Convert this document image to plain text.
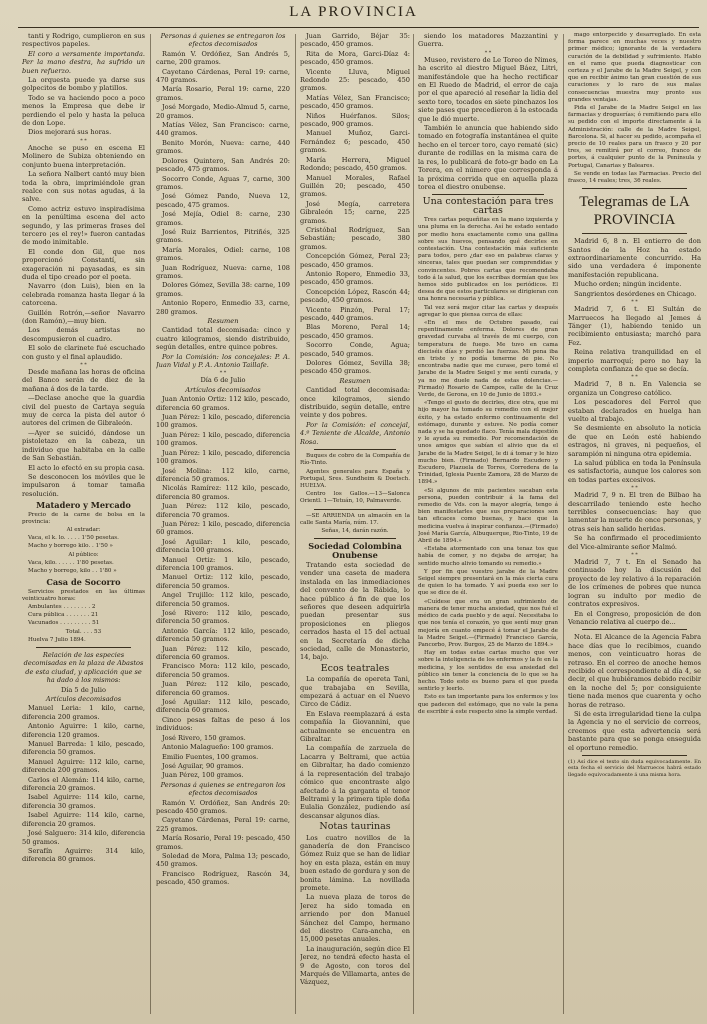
LA PROVINCIA

tanti y Rodrigo, cumplieron en sus respectivos papeles.

El coro a versamente importanda. Per la mano destra, ha sufrido un buen refuerzo.

La orquesta puede ya darse sus golpecitos de bombo y platillos.

Todo se va haciendo poco a poco menos la Empresa que debe ir perdiendo el pelo y hasta la peluca de don Lope.

Dios mejorará sus horas.

* *

Anoche se puso en escena El Molinero de Subiza obteniendo en conjunto buena interpretación.

La señora Nalbert cantó muy bien toda la obra, imprimiéndole gran realce con sus notas agudas, á la salve.

Como actriz estuvo inspiradísima en la penúltima escena del acto segundo, y las primeras frases del tercero ¡es el rey!» fueron cantadas de modo inimitable.

El conde don Gil, que nos proporcionó Constantí, sin exageración ni payasadas, es sin duda el tipo creado por el poeta.

Navarro (don Luis), bien en la celebrada romanza hasta llegar á la catorcena.

Guillén Rotrón,—señor Navarro (don Ramón),—muy bien.

Los demás artistas no descompusieron el cuadro.

El solo de clarinete fué escuchado con gusto y el final aplaudido.

* *

Desde mañana las horas de oficina del Banco serán de diez de la mañana á dos de la tarde.

—Declase anoche que la guardia civil del puesto de Cartaya seguía muy de cerca la pista del autor ó autores del crimen de Gibraleón.

—Ayer se suicidó, dándose un pistoletazo en la cabeza, un individuo que habitaba en la calle de San Sebastián.

El acto lo efectó en su propia casa.

Se desconocen los móviles que le impulsaron á tomar tamaña resolución.

Matadero y Mercado

Precio de la carne de bolsa en la provincia:

Al extradar:

Vaca, el k. lo. . . . . 1'50 pesetas.

Macho y borrego kilo. . 1'50 »

Al público:

Vaca, kilo. . . . . . 1'80 pesetas.

Macho y borrego, kilo . . 1'80 »

Casa de Socorro

Servicios prestados en las últimas veinticuatro horas:

Ambulantes . . . . . . . . 2

Cura pública . . . . . . . 21

Vacunados . . . . . . . . . 51

Total. . . . 53

Huelva 7 Julio 1894.

Relación de las especies decomisadas en la plaza de Abastos de esta ciudad, y aplicación que se ha dado á los mismos:

Día 5 de Julio

Artículos decomisados

Manuel Leria: 1 kilo, carne, diferencia 200 gramos.

Antonio Aguirre: 1 kilo, carne, diferencia 120 gramos.

Manuel Barreda: 1 kilo, pescado, diferencia 50 gramos.

Manuel Aguirre: 112 kilo, carne, diferencia 200 gramos.

Carlos el Alemán: 114 kilo, carne, diferencia 20 gramos.

Isabel Aguirre: 114 kilo, carne, diferencia 30 gramos.

Isabel Aguirre: 114 kilo, carne, diferencia 20 gramos.

José Salguero: 314 kilo, diferencia 50 gramos.

Serafín Aguirre: 314 kilo, diferencia 80 gramos.

Personas á quienes se entregaron los efectos decomisados

Ramón V. Ordóñez, San Andrés 5, carne, 200 gramos.

Cayetano Cárdenas, Peral 19: carne, 470 gramos.

María Rosario, Peral 19: carne, 220 gramos.

José Morgado, Medio-Almud 5, carne, 20 gramos.

Matías Vélez, San Francisco: carne, 440 gramos.

Benito Morón, Nueva: carne, 440 gramos.

Dolores Quintero, San Andrés 20: pescado, 475 gramos.

Socorro Conde, Aguas 7, carne, 300 gramos.

José Gómez Pando, Nueva 12, pescado, 475 gramos.

José Mejía, Odiel 8: carne, 230 gramos.

José Ruiz Barrientos, Pitriñés, 325 gramos.

María Morales, Odiel: carne, 108 gramos.

Juan Rodríguez, Nueva: carne, 108 gramos.

Dolores Gómez, Sevilla 38: carne, 109 gramos.

Antonio Ropero, Enmedio 33, carne, 280 gramos.

Resumen

Cantidad total decomisada: cinco y cuatro kilogramos, siendo distribuido, según detalles, entre quince pobres.

Por la Comisión: los concejales: P. A. Juan Vidal y P. A. Antonio Taillafe.

* *

Día 6 de Julio

Artículos decomisados

Juan Antonio Ortiz: 112 kilo, pescado, diferencia 60 gramos.

Juan Pérez: 1 kilo, pescado, diferencia 100 gramos.

Juan Pérez: 1 kilo, pescado, diferencia 100 gramos.

Juan Pérez: 1 kilo, pescado, diferencia 100 gramos.

José Molina: 112 kilo, carne, diferencia 50 gramos.

Nicolás Ramírez: 112 kilo, pescado, diferencia 80 gramos.

Juan Pérez: 112 kilo, pescado, diferencia 70 gramos.

Juan Pérez: 1 kilo, pescado, diferencia 60 gramos.

José Aguilar: 1 kilo, pescado, diferencia 100 gramos.

Manuel Ortiz: 1 kilo, pescado, diferencia 100 gramos.

Manuel Ortiz: 112 kilo, pescado, diferencia 50 gramos.

Angel Trujillo: 112 kilo, pescado, diferencia 50 gramos.

José Rivero: 112 kilo, pescado, diferencia 50 gramos.

Antonio García: 112 kilo, pescado, diferencia 50 gramos.

Juan Pérez: 112 kilo, pescado, diferencia 60 gramos.

Francisco Mora: 112 kilo, pescado, diferencia 50 gramos.

Juan Pérez: 112 kilo, pescado, diferencia 60 gramos.

José Aguilar: 112 kilo, pescado, diferencia 60 gramos.

Cinco pesas faltas de peso á los individuos:

José Rivero, 150 gramos.

Antonio Malagueño: 100 gramos.

Emilio Fuentes, 100 gramos.

José Aguilar, 90 gramos.

Juan Pérez, 100 gramos.

Personas á quienes se entregaron los efectos decomisados

Ramón V. Ordóñez, San Andrés 20: pescado 450 gramos.

Cayetano Cárdenas, Peral 19: carne, 225 gramos.

María Rosario, Peral 19: pescado, 450 gramos.

Soledad de Mora, Palma 13; pescado, 450 gramos.

Francisco Rodríguez, Rascón 34, pescado, 450 gramos.

Juan Garrido, Béjar 35: pescado, 450 gramos.

Rita de Mora, Garci-Díaz 4: pescado, 450 gramos.

Vicente Lluva, Miguel Redondo 25: pescado, 450 gramos.

Matías Vélez, San Francisco; pescado, 450 gramos.

Niños Huérfanos. Silos; pescado, 900 gramos.

Manuel Muñoz, Garci-Fernández 6; pescado, 450 gramos.

María Herrera, Miguel Redondo; pescado, 450 gramos.

Manuel Morales, Rafael Guillén 20; pescado, 450 gramos.

José Megía, carretera Gibraleón 15; carne, 225 gramos.

Cristóbal Rodríguez, San Sebastián; pescado, 380 gramos.

Concepción Gómez, Peral 23; pescado, 450 gramos.

Antonio Ropero, Enmedio 33, pescado, 450 gramos.

Concepción López, Rascón 44; pescado, 450 gramos.

Vicente Pinzón, Peral 17; pescado, 440 gramos.

Blas Moreno, Peral 14; pescado, 450 gramos.

Socorro Conde, Agua; pescado, 540 gramos.

Dolores Gómez, Sevilla 38; pescado 450 gramos.

Resumen

Cantidad total decomisada: once kilogramos, siendo distribuido, según detalle, entre veinte y dos pobres.

Por la Comisión: el concejal, 4.º Teniente de Alcalde, Antonio Rosa.

Buques de cobro de la Compañía de Río-Tinto.

Agentes generales para España y Portugal, Sres. Sundheim & Doetsch. HUELVA.

Centro los Gallos.—13—Salonca Orientl. 1—Tetuán, 10, Palmaverde.

—SE ARRIENDA un almacén en la calle Santa María, núm. 17.

Señas, 14, darán razón.

Sociedad Colombina Onubense

Tratando esta sociedad de vender una caseta de madera instalada en las inmediaciones del convento de la Rábida, lo hace público á fin de que los señores que deseen adquirirla puedan presentar sus proposiciones en pliegos cerrados hasta el 15 del actual en la Secretaría de dicha sociedad, calle de Monasterio, 14, bajo.

Ecos teatrales

La compañía de opereta Tani, que trabajaba en Sevilla, empezará á actuar en el Nuevo Circo de Cádiz.

En Eslava reemplazará á esta compañía la Giovannini, que actualmente se encuentra en Gibraltar.

La compañía de zarzuela de Lacarra y Beltrami, que actúa en Gibraltar, ha dado comienzo á la representación del trabajo cómico que encontraste algo afectado á la garganta el tenor Beltrami y la primera tiple doña Eulalia González, pudiendo así descansar algunos días.

Notas taurinas

Los cuatro novillos de la ganadería de don Francisco Gómez Ruiz que se han de lidiar hoy en esta plaza, están en muy buen estado de gordura y son de bonita lámina. La novillada promete.

La nueva plaza de toros de Jerez ha sido tomada en arriendo por don Manuel Sánchez del Campo, hermano del diestro Cara-ancha, en 15,000 pesetas anuales.

La inauguración, según dice El Jerez, no tendrá efecto hasta el 9 de Agosto, con toros del Marqués de Villamarta, antes de Vázquez,

siendo los matadores Mazzantini y Guerra.

* *

Museo, revistero de Le Toreo de Nimes, ha escrito al diestro Miguel Báez, Litri, manifestándole que ha hecho rectificar en El Ruedo de Madrid, el error de caja por el que apareció al reseñar la lidia del sexto toro, tocados en siete pinchazos los siete pases que precedieron á la estocada que le dió muerte.

También le anuncia que habiendo sido tomado en fotografía instantánea el quite hecho en el tercer toro, cayo rematé (sic) durante de rodillas en la misma cara de la res, lo publicará de foto-gr bado en La Torera, en el número que corresponda á la próxima corrida que en aquella plaza torea el diestro onubense.

Una contestación para tres cartas

Tres cartas pequeñitas en la mano izquierda y una pluma en la derecha. Así he estado sentado por medio hora exactamente como una gallina sobre sus huevos, pensando qué decirles en contestación. Una contestación más suficiente para todos, pero ¿dar eso en palabras claras y sinceras, tales que puedan ser comprendidas y convincentes. Pobres cartas que recomendaba todo á la salud, que los escribas dormían que les hemos sido publicados en los periódicos. El desea de que estos particulares se dirigieran con una honra necesaria y pública.

Tal vez será mejor citar las cartas y después agregar lo que piensa cerca de ellas:

«En el mes de Octubre pasado, caí repentinamente enferma. Dolores de gran gravedad curvaba al través de mi cuerpo, con temperatura de fuego. Me tuvo en cama dieciséis días y perdió las fuerzas. Mi pena iba en triste y no podía tenerme de pie. No encontraba nadie que me curase, pero tomé el Jarabe de la Madre Seigel y me sentí curada, y ya no me duele nada de estas dolencias.—Firmado) Rosario de Campos, calle de la Cruz Verde, de Gerona, en 10 de Junio de 1893.»

«Tengo el gusto de decirles, dice otra, que mi hijo mayor ha tomado su remedio con el mejor éxito, y ha estado enfermo continuamente del estómago, durante y estuve. No podía comer nada y se ha quedado flaco. Tenía mala digestión y le ayuda su remedio. Por recomendación de unos amigos que sabían el alivio que da el Jarabe de la Madre Seigel, le di á tomar y le hizo mucho bien. (Firmado) Bernardo Escudero y Escudero, Plazuela de Torres, Corredera de la Trinidad, Iglesia Puente Zamora, 28 de Marzo de 1894.»

«Si algunos de mis pacientes sacaban esta persona, pueden contribuir á la fama del remedio de Vds. con la mayor alegría, tengo á bien manifestarles que sus preparaciones son tan eficaces como buenas, y hace que la medicina vuelva á inspirar confianza.—(Firmado) José María García, Albuquerque, Rio-Tinto, 19 de Abril de 1894.»

«Estaba atormentado con una tenaz tos que había de comer, y no dejaba de arrojar, ha sentido mucho alivio tomando su remedio.»

Y por fin que vuestro jarabe de la Madre Seigel siempre presentará en la más cierta cura de quien lo ha tomado. Y así pueda eso ser lo que se dice de él.

«Cuídese que era un gran sufrimiento de manera de tener mucha ansiedad, que nos fué el médico de cada pueblo y de aquí. Necesitaba lo que nos tenía el corazón, yo que sentí muy gran mejoría en cuanto empecé á tomar el Jarabe de la Madre Seigel.—(Firmado) Francisco García, Pancorbo, Prov. Burgos, 25 de Marzo de 1894.»

Hay en todas estas cartas mucho que ver sobre la inteligencia de los enfermos y la fe en la medicina, y los sentidos de esa ansiedad del público sin tener la conciencia de lo que se ha hecho. Todo esto es bueno para el que pueda sentirlo y leerlo.

Esto es tan importante para los enfermos y los que padecen del estómago, que no vale la pena de escribir á este respecto sino la simple verdad.

mago entorpecido y desarreglado. En esta forma parece en muchas veces y nuestro primer médico; ignorante de la verdadera curación de la debilidad y sufrimiento. Hablo en el ramo que pueda diagnosticar con certeza y el Jarabe de la Madre Seigel, y con que en recibir ánimo tan gran cuestión de sus curaciones y lo raro de sus malas consecuencias muestra muy pronto sus grandes ventajas.

Pida el Jarabe de la Madre Seigel en las farmacias y droguerías; ó remitiendo para ello su pedido con el importe directamente á la Administración: calle de la Madre Seigel, Barcelona. Si, al hacer su pedido, acompaña el precio de 10 reales para un frasco y 20 por tres, se remitirá por el correo, franco de portes, á cualquier punto de la Península y Portugal, Canarias y Baleares.

Se vende en todas las Farmacias. Precio del frasco, 14 reales; tres, 36 reales.

Telegramas de LA PROVINCIA

Madrid 6, 8 n. El entierro de don Santos de la Hoz ha estado extraordinariamente concurrido. Ha sido una verdadera é imponente manifestación republicana.

Mucho orden; ningún incidente.

Sangrientos desórdenes en Chicago.

* *

Madrid 7, 6 t. El Sultán de Marruecos ha llegado al Jemes á Tánger (1), habiendo tenido un recibimiento entusiasta; marchó para Fez.

Reina relativa tranquilidad en el imperio marroquí; pero no hay la completa confianza de que se decía.

* *

Madrid 7, 8 n. En Valencia se organiza un Congreso católico.

Los pescadores del Ferrol que estaban declarados en huelga han vuelto al trabajo.

Se desmiente en absoluto la noticia de que en León esté habiendo estragos, ni graves, ni pequeños, el sarampión ni ninguna otra epidemia.

La salud pública en toda la Península es satisfactoria, aunque los calores son en todas partes excesivos.

* *

Madrid 7, 9 n. El tren de Bilbao ha descarrilado teniendo este hecho terribles consecuencias: hay que lamentar la muerte de once personas, y otras seis han salido heridas.

Se ha confirmado el procedimiento del Vice-almirante señor Malmó.

* *

Madrid 7, 7 t. En el Senado ha continuado hoy la discusión del proyecto de ley relativo á la reparación de los crímenes de pobres que nunca logran su indulto por medio de contratos expresivos.

En el Congreso, proposición de don Venancio relativa al cuerpo de...

Nota. El Alcance de la Agencia Fabra hace días que lo recibimos, cuando menos, con veinticuatro horas de retraso. En el correo de anoche hemos recibido el correspondiente al día 4, se decir, el que hubiéramos debido recibir en la noche del 5; por consiguiente tiene nada menos que cuarenta y ocho horas de retraso.

Si de esta irregularidad tiene la culpa la Agencia y no el servicio de correos, creemos que esta advertencia será bastante para que se ponga enseguida el oportuno remedio.

(1) Así dice el texto sin duda equivocadamente. En esta fecha el servicio del Marruecos habrá estado llegado equivocadamente á una misma hora.
